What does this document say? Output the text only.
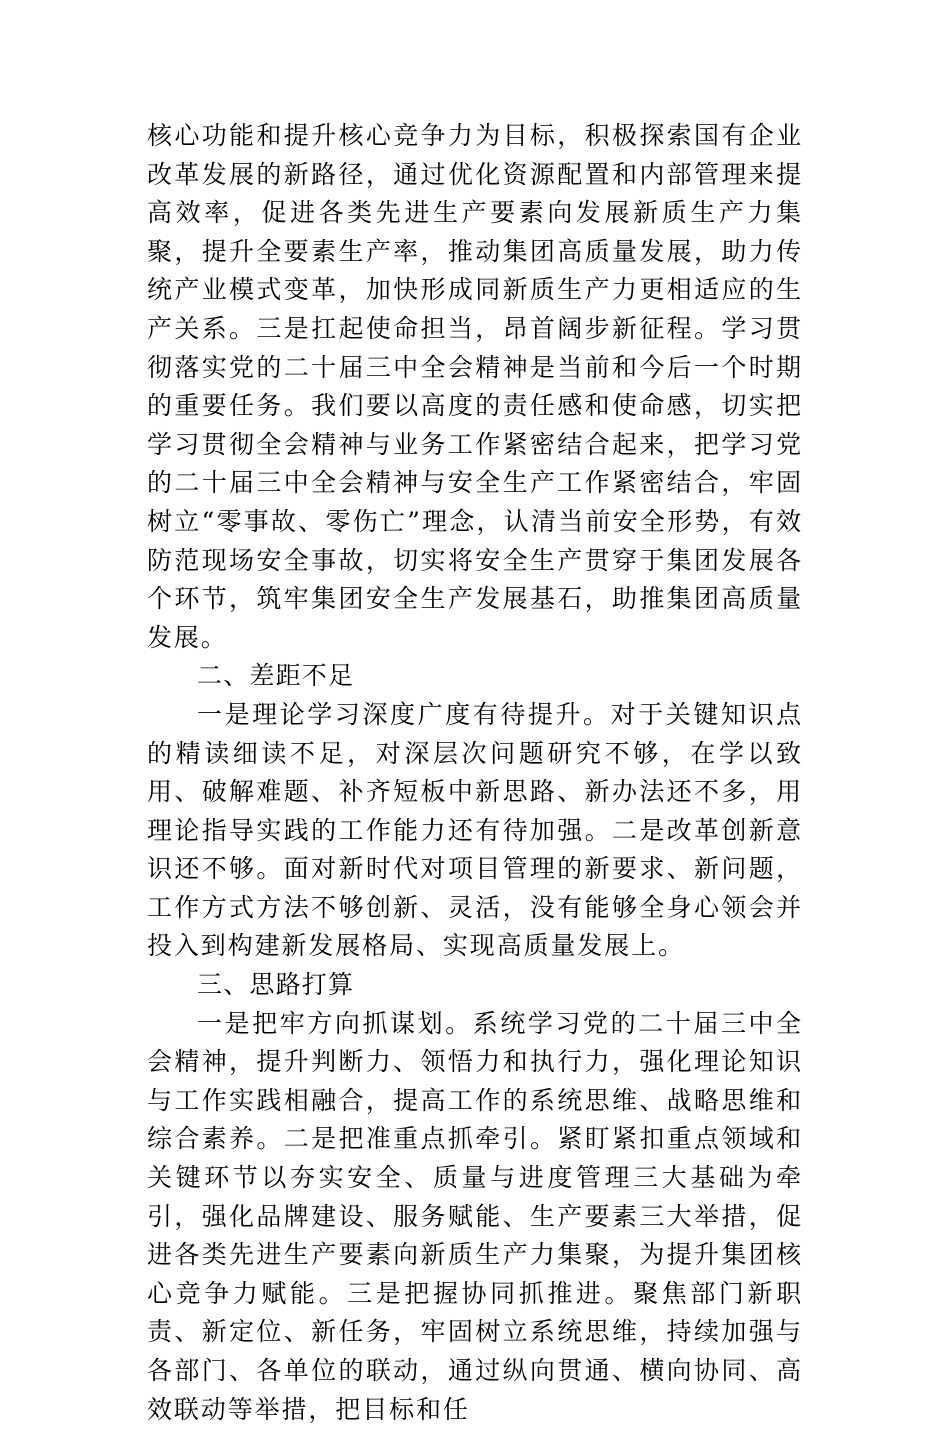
核心功能和提升核心竞争力为目标，积极探索国有企业改革发展的新路径，通过优化资源配置和内部管理来提高效率，促进各类先进生产要素向发展新质生产力集聚，提升全要素生产率，推动集团高质量发展，助力传统产业模式变革，加快形成同新质生产力更相适应的生产关系。三是扛起使命担当，昂首阔步新征程。学习贯彻落实党的二十届三中全会精神是当前和今后一个时期的重要任务。我们要以高度的责任感和使命感，切实把学习贯彻全会精神与业务工作紧密结合起来，把学习党的二十届三中全会精神与安全生产工作紧密结合，牢固树立“零事故、零伤亡”理念，认清当前安全形势，有效防范现场安全事故，切实将安全生产贯穿于集团发展各个环节，筑牢集团安全生产发展基石，助推集团高质量发展。

二、差距不足

一是理论学习深度广度有待提升。对于关键知识点的精读细读不足，对深层次问题研究不够，在学以致用、破解难题、补齐短板中新思路、新办法还不多，用理论指导实践的工作能力还有待加强。二是改革创新意识还不够。面对新时代对项目管理的新要求、新问题，工作方式方法不够创新、灵活，没有能够全身心领会并投入到构建新发展格局、实现高质量发展上。

三、思路打算

一是把牢方向抓谋划。系统学习党的二十届三中全会精神，提升判断力、领悟力和执行力，强化理论知识与工作实践相融合，提高工作的系统思维、战略思维和综合素养。二是把准重点抓牵引。紧盯紧扣重点领域和关键环节以夯实安全、质量与进度管理三大基础为牵引，强化品牌建设、服务赋能、生产要素三大举措，促进各类先进生产要素向新质生产力集聚，为提升集团核心竞争力赋能。三是把握协同抓推进。聚焦部门新职责、新定位、新任务，牢固树立系统思维，持续加强与各部门、各单位的联动，通过纵向贯通、横向协同、高效联动等举措，把目标和任
